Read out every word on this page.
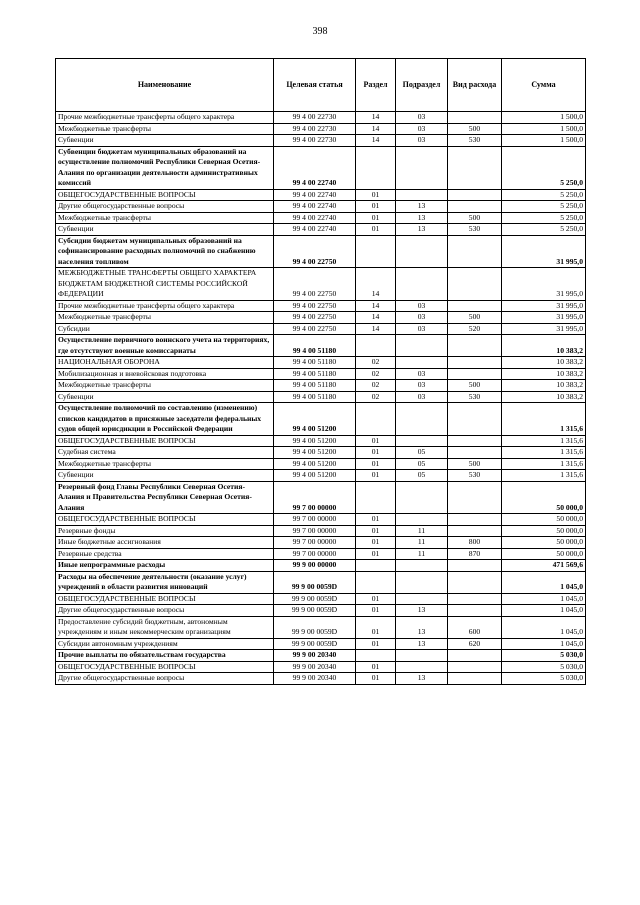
398
Наименование	Целевая статья	Раздел	Подраздел	Вид расхода	Сумма
Прочие межбюджетные трансферты общего характера	99 4 00 22730	14	03		1 500,0
Межбюджетные трансферты	99 4 00 22730	14	03	500	1 500,0
Субвенции	99 4 00 22730	14	03	530	1 500,0
Субвенции бюджетам муниципальных образований на осуществление полномочий Республики Северная Осетия-Алания по организации деятельности административных комиссий	99 4 00 22740				5 250,0
ОБЩЕГОСУДАРСТВЕННЫЕ ВОПРОСЫ	99 4 00 22740	01			5 250,0
Другие общегосударственные вопросы	99 4 00 22740	01	13		5 250,0
Межбюджетные трансферты	99 4 00 22740	01	13	500	5 250,0
Субвенции	99 4 00 22740	01	13	530	5 250,0
Субсидии бюджетам муниципальных образований на софинансирование расходных полномочий по снабжению населения топливом	99 4 00 22750				31 995,0
МЕЖБЮДЖЕТНЫЕ ТРАНСФЕРТЫ ОБЩЕГО ХАРАКТЕРА БЮДЖЕТАМ БЮДЖЕТНОЙ СИСТЕМЫ РОССИЙСКОЙ ФЕДЕРАЦИИ	99 4 00 22750	14			31 995,0
Прочие межбюджетные трансферты общего характера	99 4 00 22750	14	03		31 995,0
Межбюджетные трансферты	99 4 00 22750	14	03	500	31 995,0
Субсидии	99 4 00 22750	14	03	520	31 995,0
Осуществление первичного воинского учета на территориях, где отсутствуют военные комиссариаты	99 4 00 51180				10 383,2
НАЦИОНАЛЬНАЯ ОБОРОНА	99 4 00 51180	02			10 383,2
Мобилизационная и вневойсковая подготовка	99 4 00 51180	02	03		10 383,2
Межбюджетные трансферты	99 4 00 51180	02	03	500	10 383,2
Субвенции	99 4 00 51180	02	03	530	10 383,2
Осуществление полномочий по составлению (изменению) списков кандидатов в присяжные заседатели федеральных судов общей юрисдикции в Российской Федерации	99 4 00 51200				1 315,6
ОБЩЕГОСУДАРСТВЕННЫЕ ВОПРОСЫ	99 4 00 51200	01			1 315,6
Судебная система	99 4 00 51200	01	05		1 315,6
Межбюджетные трансферты	99 4 00 51200	01	05	500	1 315,6
Субвенции	99 4 00 51200	01	05	530	1 315,6
Резервный фонд Главы Республики Северная Осетия-Алания и Правительства Республики Северная Осетия-Алания	99 7 00 00000				50 000,0
ОБЩЕГОСУДАРСТВЕННЫЕ ВОПРОСЫ	99 7 00 00000	01			50 000,0
Резервные фонды	99 7 00 00000	01	11		50 000,0
Иные бюджетные ассигнования	99 7 00 00000	01	11	800	50 000,0
Резервные средства	99 7 00 00000	01	11	870	50 000,0
Иные непрограммные расходы	99 9 00 00000				471 569,6
Расходы на обеспечение деятельности (оказание услуг) учреждений в области развития инноваций	99 9 00 0059D				1 045,0
ОБЩЕГОСУДАРСТВЕННЫЕ ВОПРОСЫ	99 9 00 0059D	01			1 045,0
Другие общегосударственные вопросы	99 9 00 0059D	01	13		1 045,0
Предоставление субсидий бюджетным, автономным учреждениям и иным некоммерческим организациям	99 9 00 0059D	01	13	600	1 045,0
Субсидии автономным учреждениям	99 9 00 0059D	01	13	620	1 045,0
Прочие выплаты по обязательствам государства	99 9 00 20340				5 030,0
ОБЩЕГОСУДАРСТВЕННЫЕ ВОПРОСЫ	99 9 00 20340	01			5 030,0
Другие общегосударственные вопросы	99 9 00 20340	01	13		5 030,0
